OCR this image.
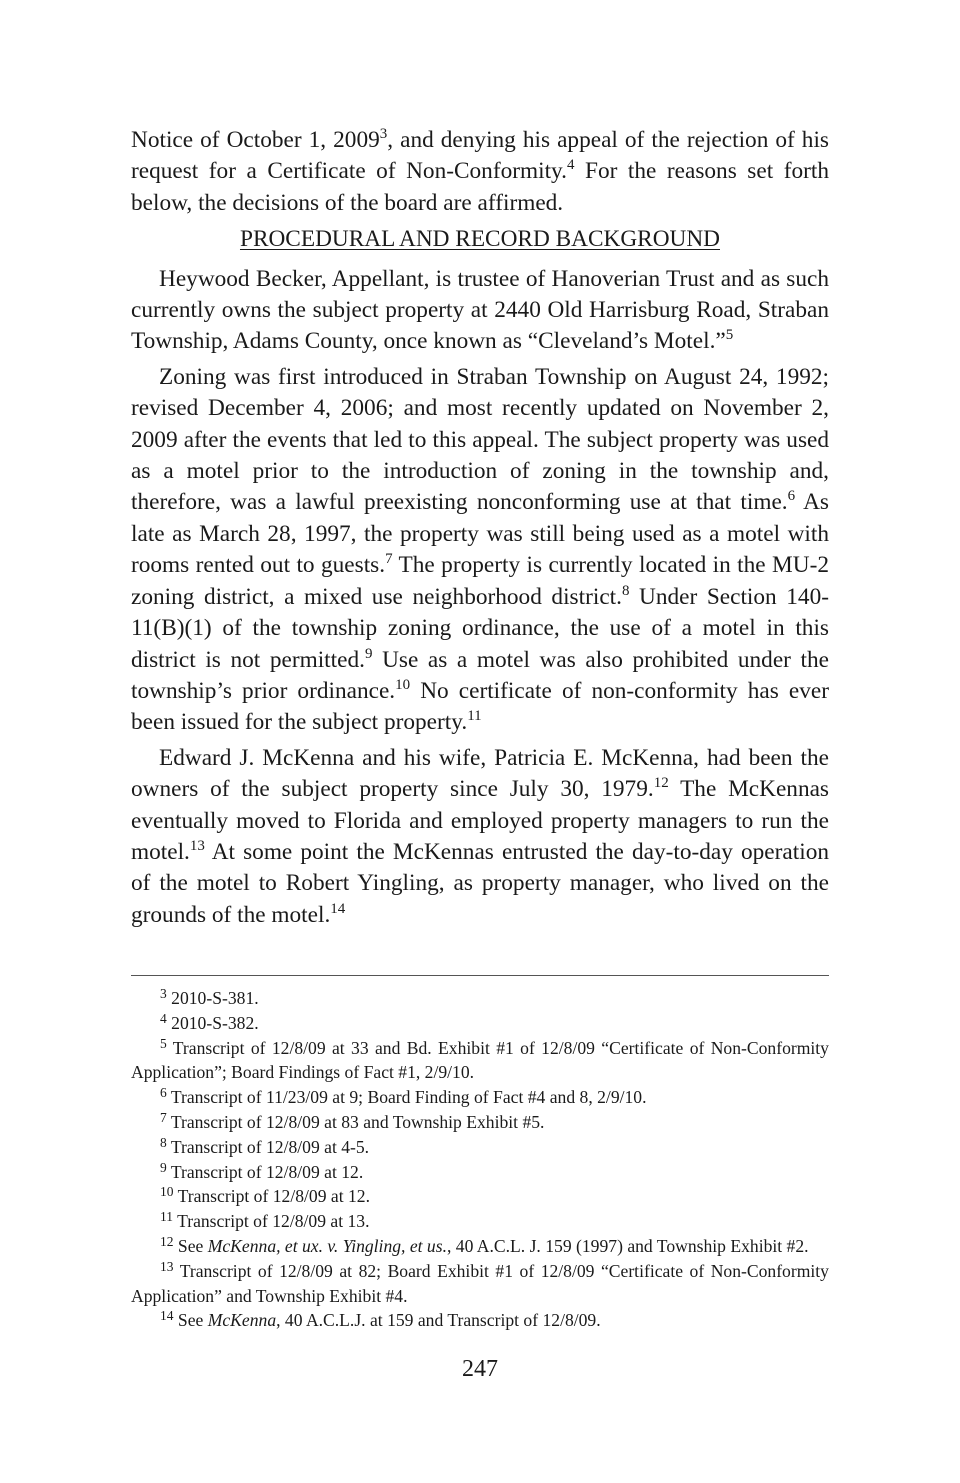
Notice of October 1, 2009$^3$, and denying his appeal of the rejection of his request for a Certificate of Non-Conformity.$^4$ For the reasons set forth below, the decisions of the board are affirmed.

PROCEDURAL AND RECORD BACKGROUND

Heywood Becker, Appellant, is trustee of Hanoverian Trust and as such currently owns the subject property at 2440 Old Harrisburg Road, Straban Township, Adams County, once known as “Cleveland’s Motel.”$^5$

Zoning was first introduced in Straban Township on August 24, 1992; revised December 4, 2006; and most recently updated on November 2, 2009 after the events that led to this appeal. The subject property was used as a motel prior to the introduction of zoning in the township and, therefore, was a lawful preexisting nonconforming use at that time.$^6$ As late as March 28, 1997, the property was still being used as a motel with rooms rented out to guests.$^7$ The property is currently located in the MU-2 zoning district, a mixed use neighborhood district.$^8$ Under Section 140-11(B)(1) of the township zoning ordinance, the use of a motel in this district is not permitted.$^9$ Use as a motel was also prohibited under the township’s prior ordinance.$^{10}$ No certificate of non-conformity has ever been issued for the subject property.$^{11}$

Edward J. McKenna and his wife, Patricia E. McKenna, had been the owners of the subject property since July 30, 1979.12 The McKennas eventually moved to Florida and employed property managers to run the motel.$^{13}$ At some point the McKennas entrusted the day-to-day operation of the motel to Robert Yingling, as property manager, who lived on the grounds of the motel.$^{14}$

$^3$ 2010-S-381.

$^4$ 2010-S-382.

$^5$ Transcript of 12/8/09 at 33 and Bd. Exhibit #1 of 12/8/09 “Certificate of Non-Conformity Application”; Board Findings of Fact #1, 2/9/10.

$^6$ Transcript of 11/23/09 at 9; Board Finding of Fact #4 and 8, 2/9/10.

$^7$ Transcript of 12/8/09 at 83 and Township Exhibit #5.

$^8$ Transcript of 12/8/09 at 4-5.

$^9$ Transcript of 12/8/09 at 12.

$^{10}$ Transcript of 12/8/09 at 12.

$^{11}$ Transcript of 12/8/09 at 13.

$^{12}$ See McKenna, et ux. v. Yingling, et us., 40 A.C.L. J. 159 (1997) and Township Exhibit #2.

$^{13}$ Transcript of 12/8/09 at 82; Board Exhibit #1 of 12/8/09 “Certificate of Non-Conformity Application” and Township Exhibit #4.

$^{14}$ See McKenna, 40 A.C.L.J. at 159 and Transcript of 12/8/09.

247
